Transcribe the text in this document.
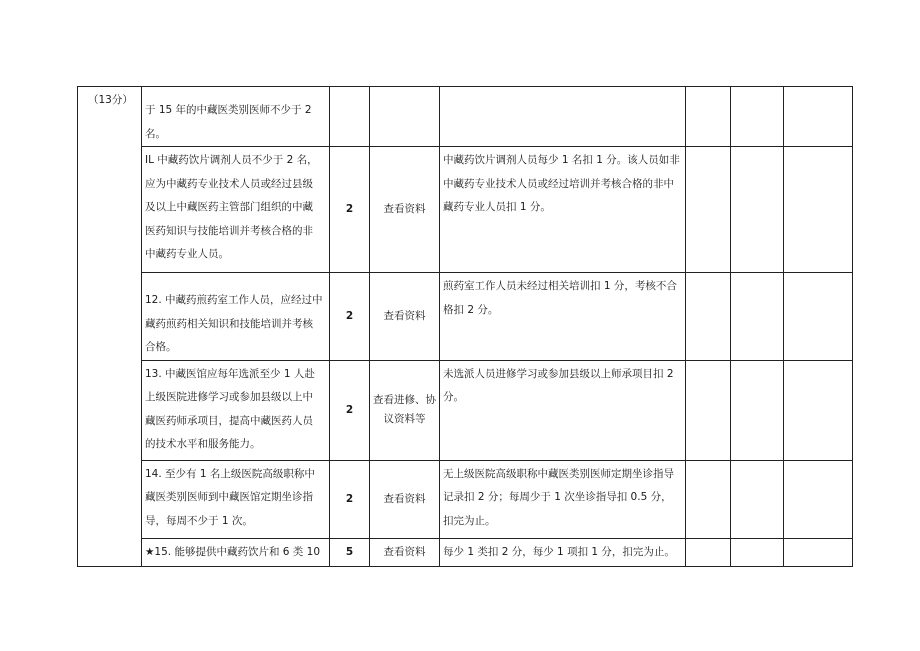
（13分）	于 15 年的中藏医类别医师不少于 2 名。						

	IL 中藏药饮片调剂人员不少于 2 名，应为中藏药专业技术人员或经过县级及以上中藏医药主管部门组织的中藏医药知识与技能培训并考核合格的非中藏药专业人员。	2	查看资料	中藏药饮片调剂人员每少 1 名扣 1 分。该人员如非中藏药专业技术人员或经过培训并考核合格的非中藏药专业人员扣 1 分。			

	12. 中藏药煎药室工作人员，应经过中藏药煎药相关知识和技能培训并考核合格。	2	查看资料	煎药室工作人员未经过相关培训扣 1 分，考核不合格扣 2 分。			

	13. 中藏医馆应每年选派至少 1 人赴上级医院进修学习或参加县级以上中藏医药师承项目，提高中藏医药人员的技术水平和服务能力。	2	查看进修、协议资料等	未选派人员进修学习或参加县级以上师承项目扣 2 分。			

	14. 至少有 1 名上级医院高级职称中藏医类别医师到中藏医馆定期坐诊指导，每周不少于 1 次。	2	查看资料	无上级医院高级职称中藏医类别医师定期坐诊指导记录扣 2 分；每周少于 1 次坐诊指导扣 0.5 分，扣完为止。			

	★15. 能够提供中藏药饮片和 6 类 10	5	查看资料	每少 1 类扣 2 分，每少 1 项扣 1 分，扣完为止。			
